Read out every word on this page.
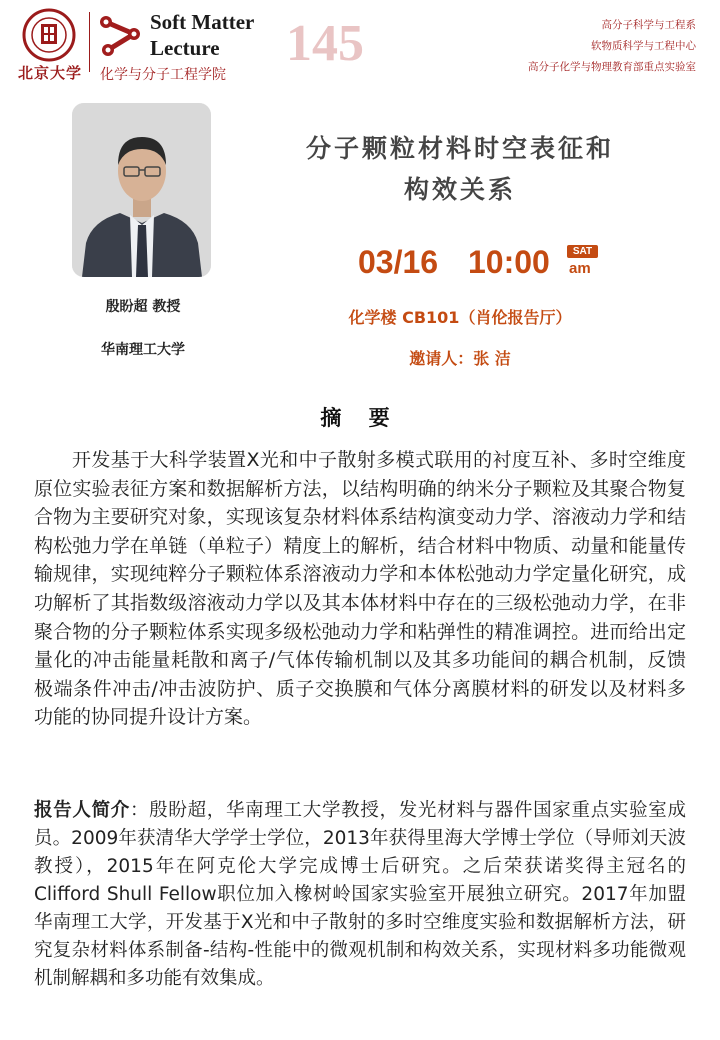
北京大学
Soft Matter
Lecture 145
化学与分子工程学院
高分子科学与工程系
软物质科学与工程中心
高分子化学与物理教育部重点实验室
殷盼超 教授
华南理工大学
分子颗粒材料时空表征和
构效关系
03/16 10:00	SAT
am
化学楼 CB101（肖伦报告厅）
邀请人：张 洁
摘 要

开发基于大科学装置X光和中子散射多模式联用的衬度互补、多时空维度原位实验表征方案和数据解析方法，以结构明确的纳米分子颗粒及其聚合物复合物为主要研究对象，实现该复杂材料体系结构演变动力学、溶液动力学和结构松弛力学在单链（单粒子）精度上的解析，结合材料中物质、动量和能量传输规律，实现纯粹分子颗粒体系溶液动力学和本体松弛动力学定量化研究，成功解析了其指数级溶液动力学以及其本体材料中存在的三级松弛动力学，在非聚合物的分子颗粒体系实现多级松弛动力学和粘弹性的精准调控。进而给出定量化的冲击能量耗散和离子/气体传输机制以及其多功能间的耦合机制，反馈极端条件冲击/冲击波防护、质子交换膜和气体分离膜材料的研发以及材料多功能的协同提升设计方案。

报告人简介：殷盼超，华南理工大学教授，发光材料与器件国家重点实验室成员。2009年获清华大学学士学位，2013年获得里海大学博士学位（导师刘天波教授），2015年在阿克伦大学完成博士后研究。之后荣获诺奖得主冠名的Clifford Shull Fellow职位加入橡树岭国家实验室开展独立研究。2017年加盟华南理工大学，开发基于X光和中子散射的多时空维度实验和数据解析方法，研究复杂材料体系制备-结构-性能中的微观机制和构效关系，实现材料多功能微观机制解耦和多功能有效集成。
